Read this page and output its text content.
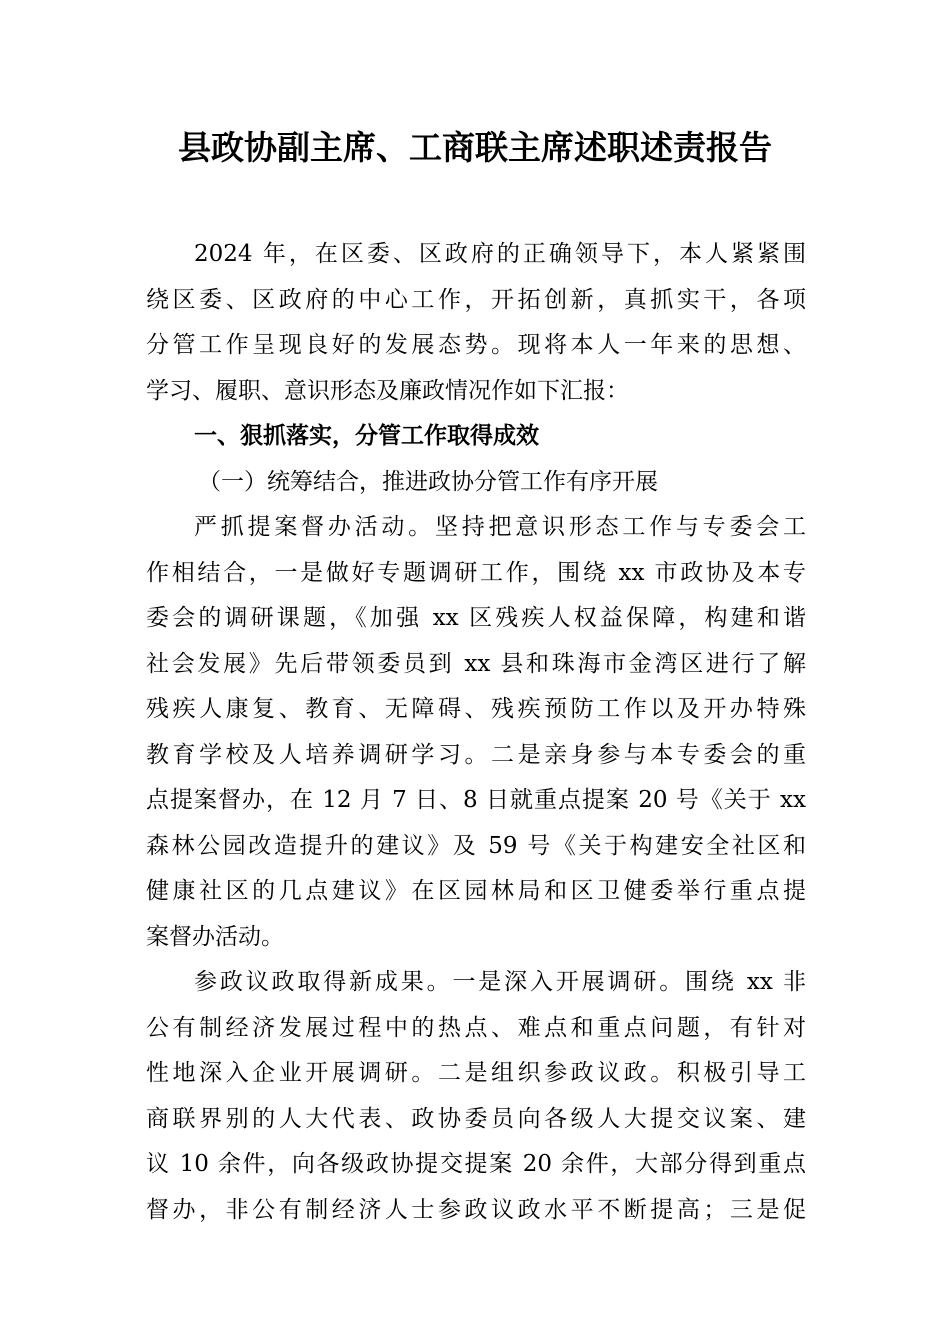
县政协副主席、工商联主席述职述责报告
2024 年，在区委、区政府的正确领导下，本人紧紧围
绕区委、区政府的中心工作，开拓创新，真抓实干，各项
分管工作呈现良好的发展态势。现将本人一年来的思想、
学习、履职、意识形态及廉政情况作如下汇报：
一、狠抓落实，分管工作取得成效
（一）统筹结合，推进政协分管工作有序开展
严抓提案督办活动。坚持把意识形态工作与专委会工
作相结合，一是做好专题调研工作，围绕 xx 市政协及本专
委会的调研课题，《加强 xx 区残疾人权益保障，构建和谐
社会发展》先后带领委员到 xx 县和珠海市金湾区进行了解
残疾人康复、教育、无障碍、残疾预防工作以及开办特殊
教育学校及人培养调研学习。二是亲身参与本专委会的重
点提案督办，在 12 月 7 日、8 日就重点提案 20 号《关于 xx
森林公园改造提升的建议》及 59 号《关于构建安全社区和
健康社区的几点建议》在区园林局和区卫健委举行重点提
案督办活动。
参政议政取得新成果。一是深入开展调研。围绕 xx 非
公有制经济发展过程中的热点、难点和重点问题，有针对
性地深入企业开展调研。二是组织参政议政。积极引导工
商联界别的人大代表、政协委员向各级人大提交议案、建
议 10 余件，向各级政协提交提案 20 余件，大部分得到重点
督办，非公有制经济人士参政议政水平不断提高；三是促
